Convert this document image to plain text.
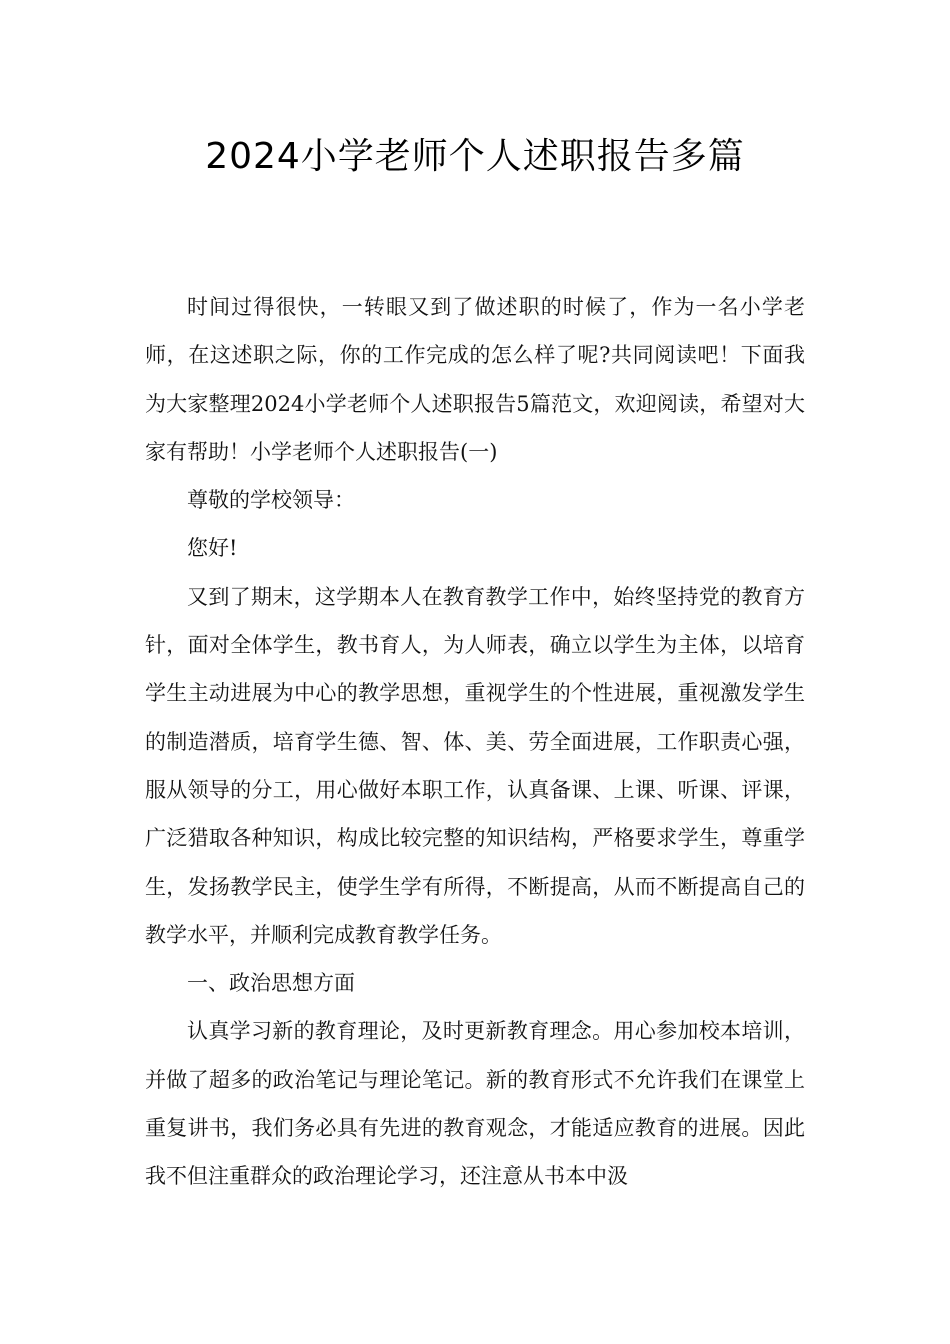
2024小学老师个人述职报告多篇

时间过得很快，一转眼又到了做述职的时候了，作为一名小学老师，在这述职之际，你的工作完成的怎么样了呢?共同阅读吧！下面我为大家整理2024小学老师个人述职报告5篇范文，欢迎阅读，希望对大家有帮助！小学老师个人述职报告(一)

尊敬的学校领导：

您好!

又到了期末，这学期本人在教育教学工作中，始终坚持党的教育方针，面对全体学生，教书育人，为人师表，确立以学生为主体，以培育学生主动进展为中心的教学思想，重视学生的个性进展，重视激发学生的制造潜质，培育学生德、智、体、美、劳全面进展，工作职责心强，服从领导的分工，用心做好本职工作，认真备课、上课、听课、评课，广泛猎取各种知识，构成比较完整的知识结构，严格要求学生，尊重学生，发扬教学民主，使学生学有所得，不断提高，从而不断提高自己的教学水平，并顺利完成教育教学任务。

一、政治思想方面

认真学习新的教育理论，及时更新教育理念。用心参加校本培训，并做了超多的政治笔记与理论笔记。新的教育形式不允许我们在课堂上重复讲书，我们务必具有先进的教育观念，才能适应教育的进展。因此我不但注重群众的政治理论学习，还注意从书本中汲
